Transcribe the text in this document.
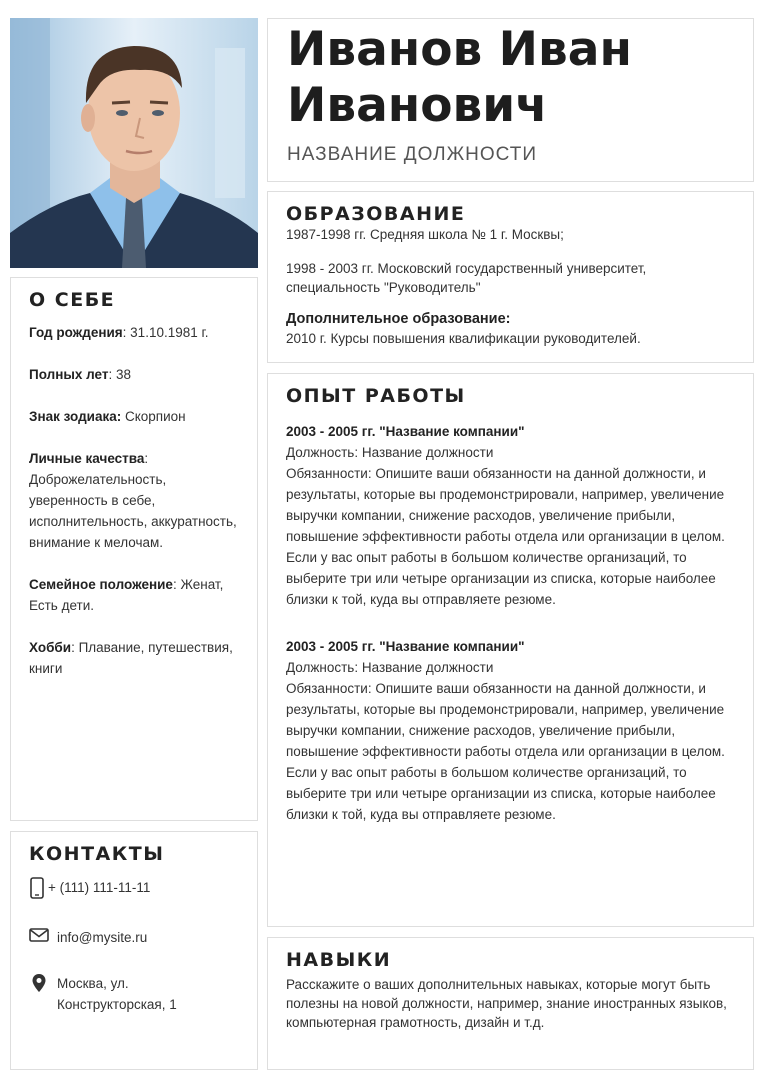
Иванов Иван
Иванович
НАЗВАНИЕ ДОЛЖНОСТИ
О СЕБЕ
Год рождения: 31.10.1981 г.
Полных лет: 38
Знак зодиака: Скорпион
Личные качества: Доброжелательность, уверенность в себе, исполнительность, аккуратность, внимание к мелочам.
Семейное положение: Женат, Есть дети.
Хобби: Плавание, путешествия, книги
КОНТАКТЫ
+ (111) 111-11-11
info@mysite.ru
Москва, ул. Конструкторская, 1
ОБРАЗОВАНИЕ
1987-1998 гг. Средняя школа № 1 г. Москвы;
1998 - 2003 гг. Московский государственный университет, специальность "Руководитель"
Дополнительное образование:
2010 г. Курсы повышения квалификации руководителей.
ОПЫТ РАБОТЫ
2003 - 2005 гг. "Название компании"
Должность: Название должности
Обязанности: Опишите ваши обязанности на данной должности, и результаты, которые вы продемонстрировали, например, увеличение выручки компании, снижение расходов, увеличение прибыли, повышение эффективности работы отдела или организации в целом. Если у вас опыт работы в большом количестве организаций, то выберите три или четыре организации из списка, которые наиболее близки к той, куда вы отправляете резюме.
2003 - 2005 гг. "Название компании"
Должность: Название должности
Обязанности: Опишите ваши обязанности на данной должности, и результаты, которые вы продемонстрировали, например, увеличение выручки компании, снижение расходов, увеличение прибыли, повышение эффективности работы отдела или организации в целом. Если у вас опыт работы в большом количестве организаций, то выберите три или четыре организации из списка, которые наиболее близки к той, куда вы отправляете резюме.
НАВЫКИ
Расскажите о ваших дополнительных навыках, которые могут быть полезны на новой должности, например, знание иностранных языков, компьютерная грамотность, дизайн и т.д.
